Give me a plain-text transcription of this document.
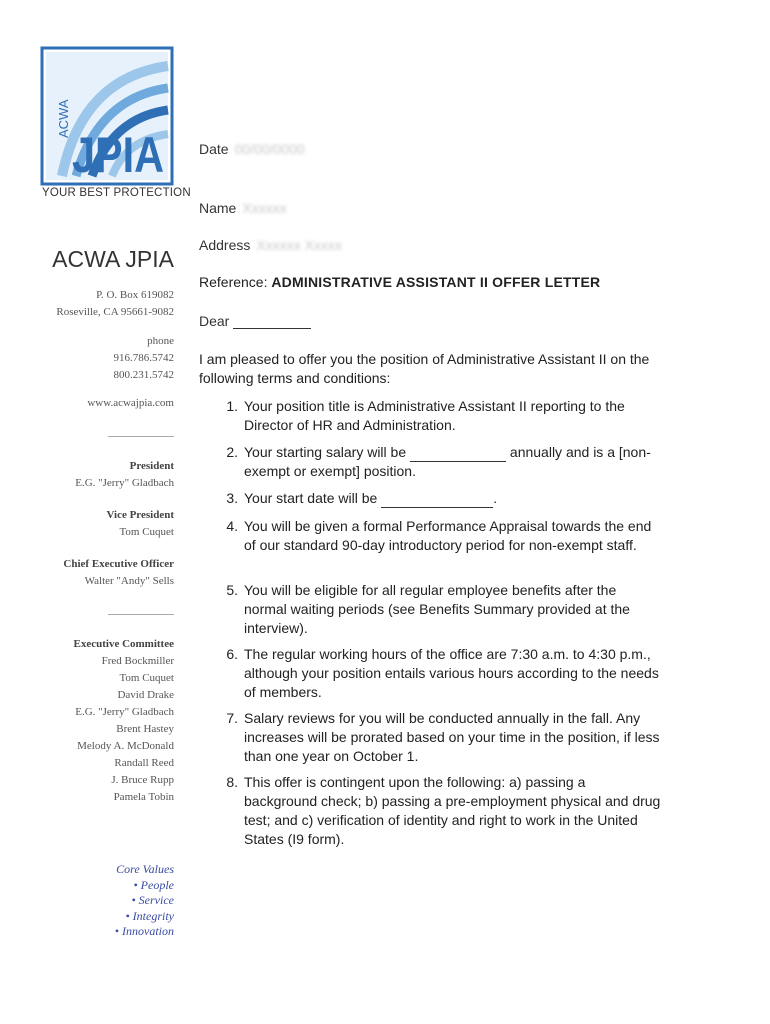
ACWA
JPIA
YOUR BEST PROTECTION
ACWA JPIA
P. O. Box 619082
Roseville, CA 95661-9082
phone
916.786.5742
800.231.5742
www.acwajpia.com
President
E.G. "Jerry" Gladbach
Vice President
Tom Cuquet
Chief Executive Officer
Walter "Andy" Sells
Executive Committee
Fred Bockmiller
Tom Cuquet
David Drake
E.G. "Jerry" Gladbach
Brent Hastey
Melody A. McDonald
Randall Reed
J. Bruce Rupp
Pamela Tobin
Core Values
• People
• Service
• Integrity
• Innovation
Date 00/00/0000
Name Xxxxxx
Address Xxxxxx Xxxxx
Reference: ADMINISTRATIVE ASSISTANT II OFFER LETTER
Dear
I am pleased to offer you the position of Administrative Assistant II on the following terms and conditions:
1. Your position title is Administrative Assistant II reporting to the Director of HR and Administration.
2. Your starting salary will be	annually and is a [non-exempt or exempt] position.
3. Your start date will be	.
4. You will be given a formal Performance Appraisal towards the end of our standard 90-day introductory period for non-exempt staff.
5. You will be eligible for all regular employee benefits after the normal waiting periods (see Benefits Summary provided at the interview).
6. The regular working hours of the office are 7:30 a.m. to 4:30 p.m., although your position entails various hours according to the needs of members.
7. Salary reviews for you will be conducted annually in the fall. Any increases will be prorated based on your time in the position, if less than one year on October 1.
8. This offer is contingent upon the following: a) passing a background check; b) passing a pre-employment physical and drug test; and c) verification of identity and right to work in the United States (I9 form).
